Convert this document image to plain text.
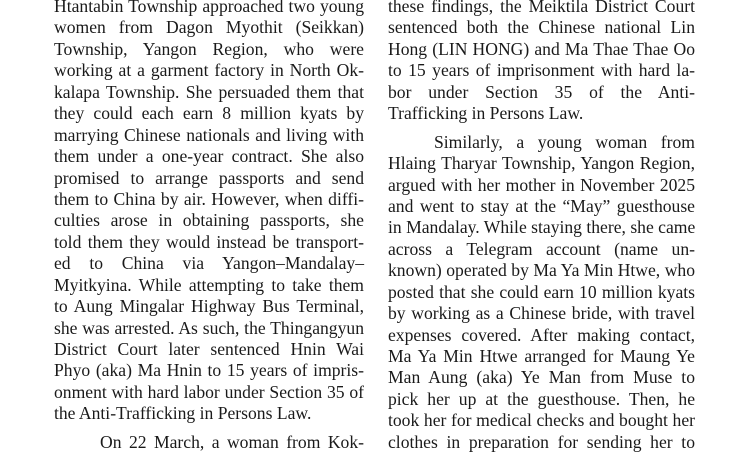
Htantabin Township approached two young
women from Dagon Myothit (Seikkan)
Township, Yangon Region, who were
working at a garment factory in North Ok-
kalapa Township. She persuaded them that
they could each earn 8 million kyats by
marrying Chinese nationals and living with
them under a one-year contract. She also
promised to arrange passports and send
them to China by air. However, when diffi-
culties arose in obtaining passports, she
told them they would instead be transport-
ed to China via Yangon–Mandalay–
Myitkyina. While attempting to take them
to Aung Mingalar Highway Bus Terminal,
she was arrested. As such, the Thingangyun
District Court later sentenced Hnin Wai
Phyo (aka) Ma Hnin to 15 years of impris-
onment with hard labor under Section 35 of
the Anti-Trafficking in Persons Law.
On 22 March, a woman from Kok-
these findings, the Meiktila District Court
sentenced both the Chinese national Lin
Hong (LIN HONG) and Ma Thae Thae Oo
to 15 years of imprisonment with hard la-
bor under Section 35 of the Anti-
Trafficking in Persons Law.
Similarly, a young woman from
Hlaing Tharyar Township, Yangon Region,
argued with her mother in November 2025
and went to stay at the “May” guesthouse
in Mandalay. While staying there, she came
across a Telegram account (name un-
known) operated by Ma Ya Min Htwe, who
posted that she could earn 10 million kyats
by working as a Chinese bride, with travel
expenses covered. After making contact,
Ma Ya Min Htwe arranged for Maung Ye
Man Aung (aka) Ye Man from Muse to
pick her up at the guesthouse. Then, he
took her for medical checks and bought her
clothes in preparation for sending her to
